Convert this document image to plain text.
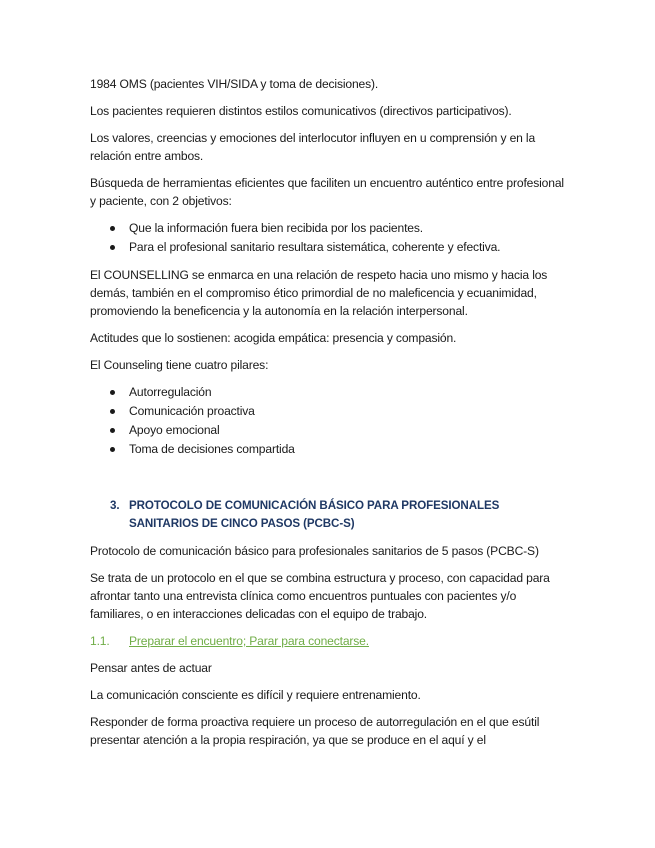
1984 OMS (pacientes VIH/SIDA y toma de decisiones).

Los pacientes requieren distintos estilos comunicativos (directivos participativos).

Los valores, creencias y emociones del interlocutor influyen en u comprensión y en la relación entre ambos.

Búsqueda de herramientas eficientes que faciliten un encuentro auténtico entre profesional y paciente, con 2 objetivos:

Que la información fuera bien recibida por los pacientes.
Para el profesional sanitario resultara sistemática, coherente y efectiva.

El COUNSELLING se enmarca en una relación de respeto hacia uno mismo y hacia los demás, también en el compromiso ético primordial de no maleficencia y ecuanimidad, promoviendo la beneficencia y la autonomía en la relación interpersonal.

Actitudes que lo sostienen: acogida empática: presencia y compasión.

El Counseling tiene cuatro pilares:

Autorregulación
Comunicación proactiva
Apoyo emocional
Toma de decisiones compartida
3. PROTOCOLO DE COMUNICACIÓN BÁSICO PARA PROFESIONALES SANITARIOS DE CINCO PASOS (PCBC-S)

Protocolo de comunicación básico para profesionales sanitarios de 5 pasos (PCBC-S)

Se trata de un protocolo en el que se combina estructura y proceso, con capacidad para afrontar tanto una entrevista clínica como encuentros puntuales con pacientes y/o familiares, o en interacciones delicadas con el equipo de trabajo.

1.1. Preparar el encuentro; Parar para conectarse.

Pensar antes de actuar

La comunicación consciente es difícil y requiere entrenamiento.

Responder de forma proactiva requiere un proceso de autorregulación en el que esútil presentar atención a la propia respiración, ya que se produce en el aquí y el
